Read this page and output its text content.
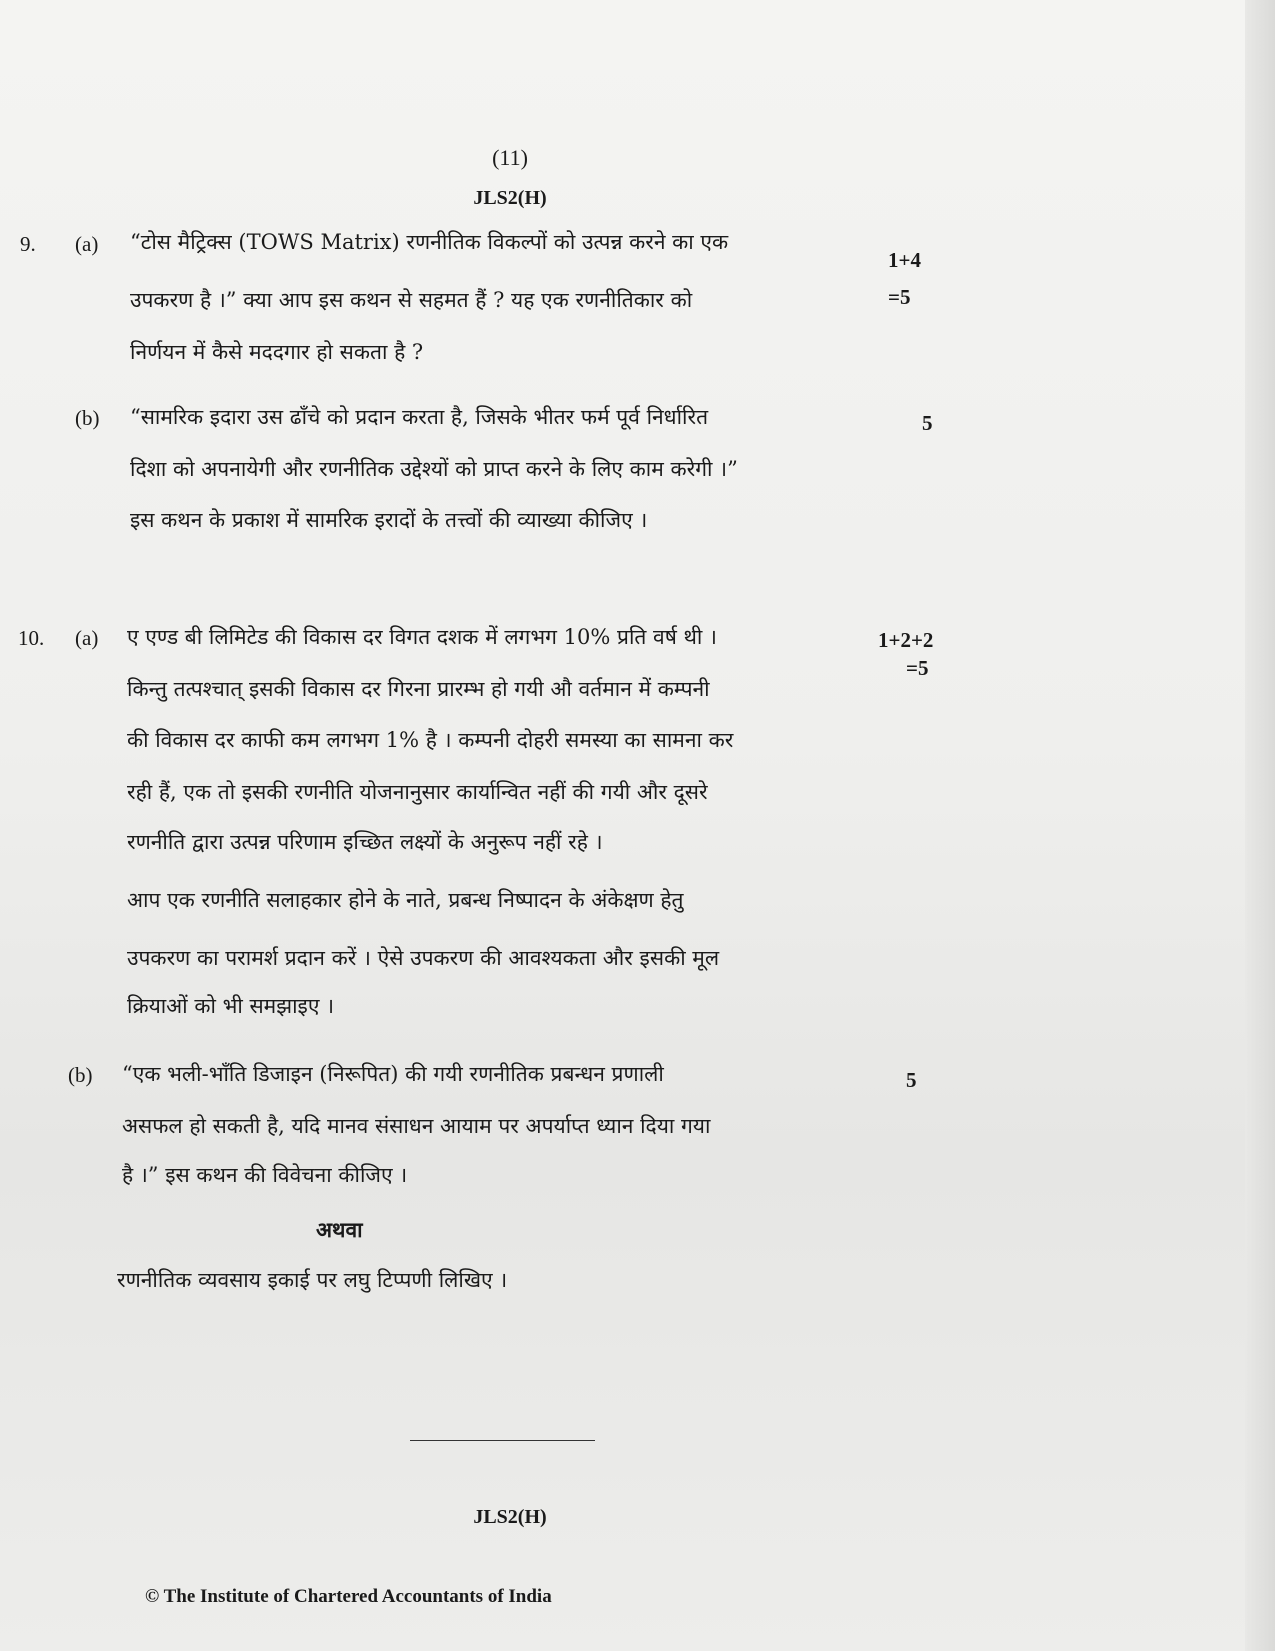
(11)
JLS2(H)
9. (a) “टोस मैट्रिक्स (TOWS Matrix) रणनीतिक विकल्पों को उत्पन्न करने का एक
उपकरण है ।” क्या आप इस कथन से सहमत हैं ? यह एक रणनीतिकार को
निर्णयन में कैसे मददगार हो सकता है ?
1+4
=5
(b) “सामरिक इदारा उस ढाँचे को प्रदान करता है, जिसके भीतर फर्म पूर्व निर्धारित
दिशा को अपनायेगी और रणनीतिक उद्देश्यों को प्राप्त करने के लिए काम करेगी ।”
इस कथन के प्रकाश में सामरिक इरादों के तत्त्वों की व्याख्या कीजिए ।
5
10. (a) ए एण्ड बी लिमिटेड की विकास दर विगत दशक में लगभग 10% प्रति वर्ष थी ।
किन्तु तत्पश्चात् इसकी विकास दर गिरना प्रारम्भ हो गयी औ वर्तमान में कम्पनी
की विकास दर काफी कम लगभग 1% है । कम्पनी दोहरी समस्या का सामना कर
रही हैं, एक तो इसकी रणनीति योजनानुसार कार्यान्वित नहीं की गयी और दूसरे
रणनीति द्वारा उत्पन्न परिणाम इच्छित लक्ष्यों के अनुरूप नहीं रहे ।
आप एक रणनीति सलाहकार होने के नाते, प्रबन्ध निष्पादन के अंकेक्षण हेतु
उपकरण का परामर्श प्रदान करें । ऐसे उपकरण की आवश्यकता और इसकी मूल
क्रियाओं को भी समझाइए ।
1+2+2
=5
(b) “एक भली-भाँति डिजाइन (निरूपित) की गयी रणनीतिक प्रबन्धन प्रणाली
असफल हो सकती है, यदि मानव संसाधन आयाम पर अपर्याप्त ध्यान दिया गया
है ।” इस कथन की विवेचना कीजिए ।
5
अथवा
रणनीतिक व्यवसाय इकाई पर लघु टिप्पणी लिखिए ।
JLS2(H)
© The Institute of Chartered Accountants of India
